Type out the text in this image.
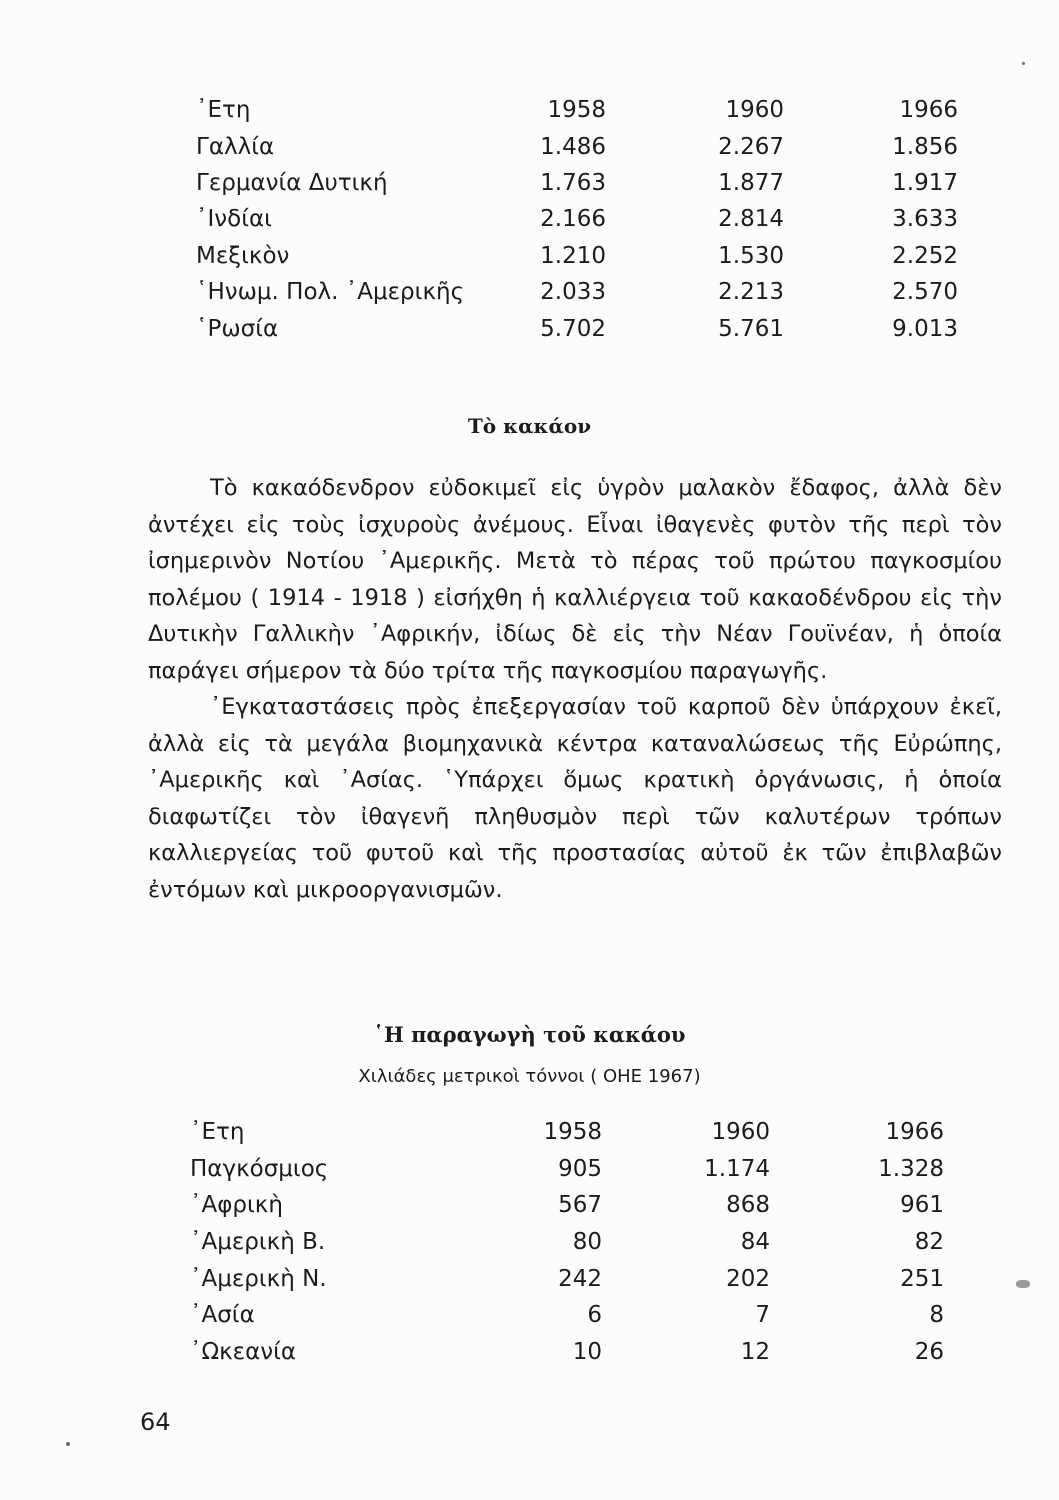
᾿Ετη	1958	1960	1966
Γαλλία	1.486	2.267	1.856
Γερμανία Δυτική	1.763	1.877	1.917
᾿Ινδίαι	2.166	2.814	3.633
Μεξικὸν	1.210	1.530	2.252
῾Ηνωμ. Πολ. ᾿Αμερικῆς	2.033	2.213	2.570
῾Ρωσία	5.702	5.761	9.013
Τὸ κακάον

Τὸ κακαόδενδρον εὐδοκιμεῖ εἰς ὑγρὸν μαλακὸν ἔδαφος, ἀλλὰ δὲν ἀντέχει εἰς τοὺς ἰσχυροὺς ἀνέμους. Εἶναι ἰθαγενὲς φυτὸν τῆς περὶ τὸν ἰσημερινὸν Νοτίου ᾿Αμερικῆς. Μετὰ τὸ πέρας τοῦ πρώτου παγκοσμίου πολέμου ( 1914 - 1918 ) εἰσήχθη ἡ καλλιέργεια τοῦ κακαοδένδρου εἰς τὴν Δυτικὴν Γαλλικὴν ᾿Αφρικήν, ἰδίως δὲ εἰς τὴν Νέαν Γουϊνέαν, ἡ ὁποία παράγει σήμερον τὰ δύο τρίτα τῆς παγκοσμίου παραγωγῆς.

᾿Εγκαταστάσεις πρὸς ἐπεξεργασίαν τοῦ καρποῦ δὲν ὑπάρχουν ἐκεῖ, ἀλλὰ εἰς τὰ μεγάλα βιομηχανικὰ κέντρα καταναλώσεως τῆς Εὐρώπης, ᾿Αμερικῆς καὶ ᾿Ασίας. ῾Υπάρχει ὅμως κρατικὴ ὀργάνωσις, ἡ ὁποία διαφωτίζει τὸν ἰθαγενῆ πληθυσμὸν περὶ τῶν καλυτέρων τρόπων καλλιεργείας τοῦ φυτοῦ καὶ τῆς προστασίας αὐτοῦ ἐκ τῶν ἐπιβλαβῶν ἐντόμων καὶ μικροοργανισμῶν.

῾Η παραγωγὴ τοῦ κακάου
Χιλιάδες μετρικοὶ τόννοι ( ΟΗΕ 1967)
᾿Ετη	1958	1960	1966
Παγκόσμιος	905	1.174	1.328
᾿Αφρικὴ	567	868	961
᾿Αμερικὴ Β.	80	84	82
᾿Αμερικὴ Ν.	242	202	251
᾿Ασία	6	7	8
᾿Ωκεανία	10	12	26
64
